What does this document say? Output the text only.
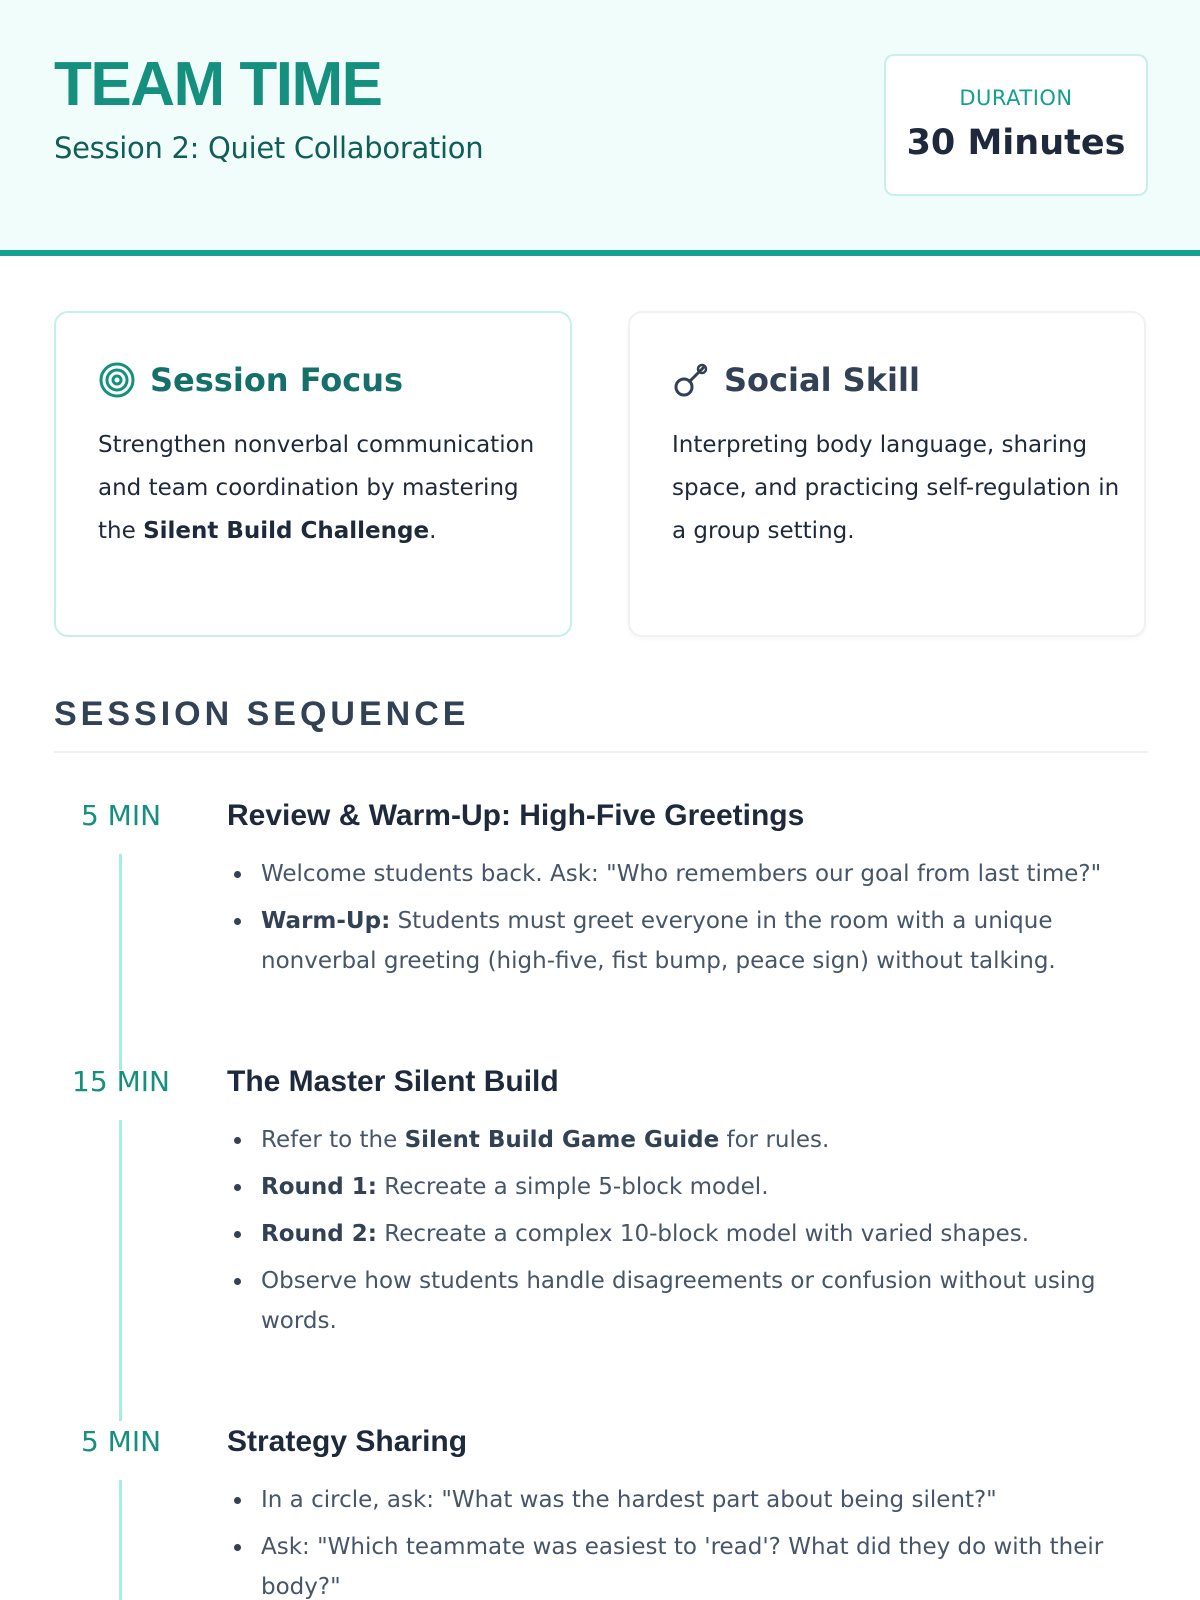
TEAM TIME
Session 2: Quiet Collaboration
DURATION
30 Minutes
Session Focus

Strengthen nonverbal communication and team coordination by mastering the Silent Build Challenge.

Social Skill

Interpreting body language, sharing space, and practicing self-regulation in a group setting.

SESSION SEQUENCE
5 MIN	Review & Warm-Up: High-Five Greetings
Welcome students back. Ask: "Who remembers our goal from last time?"
Warm-Up: Students must greet everyone in the room with a unique nonverbal greeting (high-five, fist bump, peace sign) without talking.
15 MIN	The Master Silent Build
Refer to the Silent Build Game Guide for rules.
Round 1: Recreate a simple 5-block model.
Round 2: Recreate a complex 10-block model with varied shapes.
Observe how students handle disagreements or confusion without using words.
5 MIN	Strategy Sharing
In a circle, ask: "What was the hardest part about being silent?"
Ask: "Which teammate was easiest to 'read'? What did they do with their body?"
